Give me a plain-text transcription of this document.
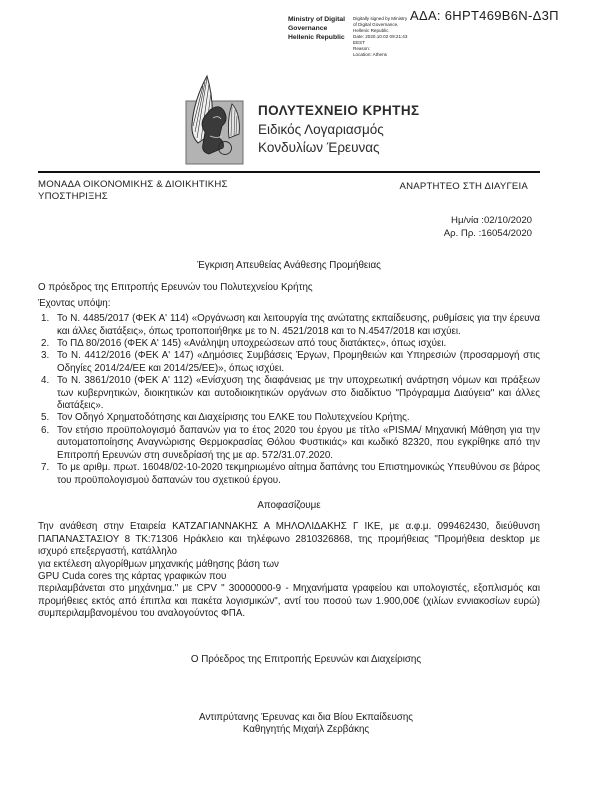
ΑΔΑ: 6ΗΡΤ469Β6Ν-Δ3Π
Ministry of Digital
Governance
Hellenic Republic
Digitally signed by Ministry
of Digital Governance,
Hellenic Republic
Date: 2020.10.02 09:21:43
EEST
Reason:
Location: Athens
ΠΟΛΥΤΕΧΝΕΙΟ ΚΡΗΤΗΣ
Ειδικός Λογαριασμός
Κονδυλίων Έρευνας
ΜΟΝΑΔΑ ΟΙΚΟΝΟΜΙΚΗΣ & ΔΙΟΙΚΗΤΙΚΗΣ
ΥΠΟΣΤΗΡΙΞΗΣ
ΑΝΑΡΤΗΤΕΟ ΣΤΗ ΔΙΑΥΓΕΙΑ
Ημ/νία :02/10/2020
Αρ. Πρ. :16054/2020

Έγκριση Απευθείας Ανάθεσης Προμήθειας

Ο πρόεδρος της Επιτροπής Ερευνών του Πολυτεχνείου Κρήτης

Έχοντας υπόψη:

1. Το Ν. 4485/2017 (ΦΕΚ Α' 114) «Οργάνωση και λειτουργία της ανώτατης εκπαίδευσης, ρυθμίσεις για την έρευνα και άλλες διατάξεις», όπως τροποποιήθηκε με το Ν. 4521/2018 και το Ν.4547/2018 και ισχύει.
2. Το ΠΔ 80/2016 (ΦΕΚ Α' 145) «Ανάληψη υποχρεώσεων από τους διατάκτες», όπως ισχύει.
3. Το Ν. 4412/2016 (ΦΕΚ Α' 147) «Δημόσιες Συμβάσεις Έργων, Προμηθειών και Υπηρεσιών (προσαρμογή στις Οδηγίες 2014/24/ΕΕ και 2014/25/ΕΕ)», όπως ισχύει.
4. Το Ν. 3861/2010 (ΦΕΚ Α' 112) «Ενίσχυση της διαφάνειας με την υποχρεωτική ανάρτηση νόμων και πράξεων των κυβερνητικών, διοικητικών και αυτοδιοικητικών οργάνων στο διαδίκτυο "Πρόγραμμα Διαύγεια" και άλλες διατάξεις».
5. Τον Οδηγό Χρηματοδότησης και Διαχείρισης του ΕΛΚΕ του Πολυτεχνείου Κρήτης.
6. Τον ετήσιο προϋπολογισμό δαπανών για το έτος 2020 του έργου με τίτλο «PISMA/ Μηχανική Μάθηση για την αυτοματοποίησης Αναγνώρισης Θερμοκρασίας Θόλου Φυστικιάς» και κωδικό 82320, που εγκρίθηκε από την Επιτροπή Ερευνών στη συνεδρίασή της με αρ. 572/31.07.2020.
7. Το με αριθμ. πρωτ. 16048/02-10-2020 τεκμηριωμένο αίτημα δαπάνης του Επιστημονικώς Υπευθύνου σε βάρος του προϋπολογισμού δαπανών του σχετικού έργου.

Αποφασίζουμε

Την ανάθεση στην Εταιρεία ΚΑΤΖΑΓΙΑΝΝΑΚΗΣ Α ΜΗΛΟΛΙΔΑΚΗΣ Γ ΙΚΕ, με α.φ.μ. 099462430, διεύθυνση ΠΑΠΑΝΑΣΤΑΣΙΟΥ 8 ΤΚ:71306 Ηράκλειο και τηλέφωνο 2810326868, της προμήθειας "Προμήθεια desktop με ισχυρό επεξεργαστή, κατάλληλο

για εκτέλεση αλγορίθμων μηχανικής μάθησης βάση των

GPU Cuda cores της κάρτας γραφικών που

περιλαμβάνεται στο μηχάνημα." με CPV " 30000000-9 - Μηχανήματα γραφείου και υπολογιστές, εξοπλισμός και προμήθειες εκτός από έπιπλα και πακέτα λογισμικών", αντί του ποσού των 1.900,00€ (χιλίων εννιακοσίων ευρώ) συμπεριλαμβανομένου του αναλογούντος ΦΠΑ.

Ο Πρόεδρος της Επιτροπής Ερευνών και Διαχείρισης
Αντιπρύτανης Έρευνας και δια Βίου Εκπαίδευσης
Καθηγητής Μιχαήλ Ζερβάκης
